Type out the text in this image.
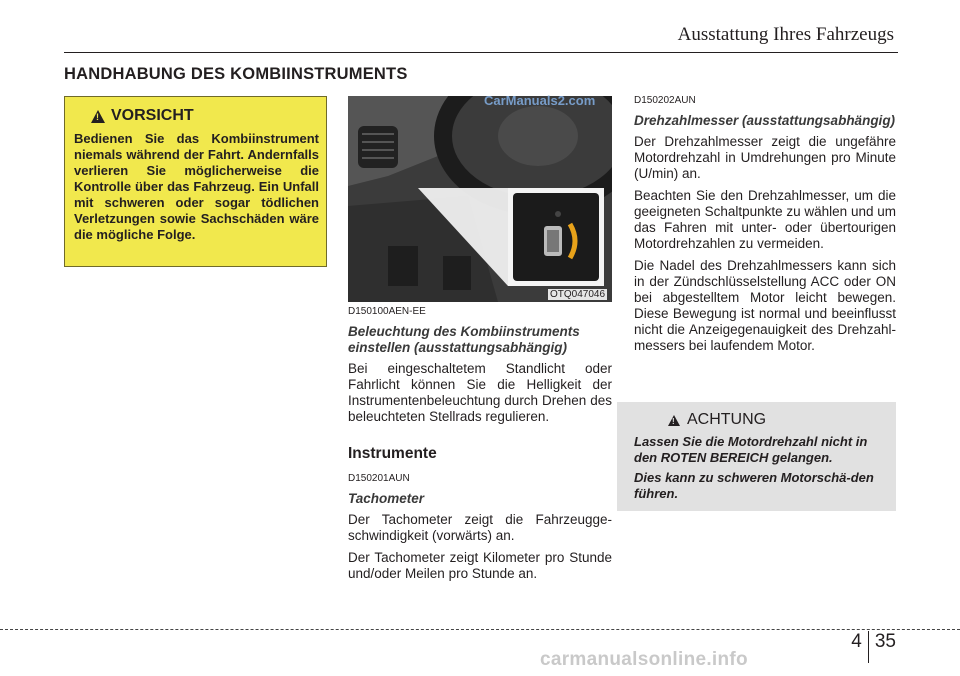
Ausstattung Ihres Fahrzeugs
HANDHABUNG DES KOMBIINSTRUMENTS
!
VORSICHT
Bedienen Sie das Kombiinstrument niemals während der Fahrt. Andernfalls verlieren Sie möglicherweise die Kontrolle über das Fahrzeug. Ein Unfall mit schweren oder sogar tödlichen Verletzungen sowie Sachschäden wäre die mögliche Folge.
CarManuals2.com
OTQ047046
D150100AEN-EE
Beleuchtung des Kombiinstruments einstellen (ausstattungsabhängig)
Bei eingeschaltetem Standlicht oder Fahrlicht können Sie die Helligkeit der Instrumentenbeleuchtung durch Drehen des beleuchteten Stellrads regulieren.
Instrumente
D150201AUN
Tachometer
Der Tachometer zeigt die Fahrzeugge-schwindigkeit (vorwärts) an.
Der Tachometer zeigt Kilometer pro Stunde und/oder Meilen pro Stunde an.
D150202AUN
Drehzahlmesser (ausstattungsabhängig)
Der Drehzahlmesser zeigt die ungefähre Motordrehzahl in Umdrehungen pro Minute (U/min) an.
Beachten Sie den Drehzahlmesser, um die geeigneten Schaltpunkte zu wählen und um das Fahren mit unter- oder übertourigen Motordrehzahlen zu vermeiden.
Die Nadel des Drehzahlmessers kann sich in der Zündschlüsselstellung ACC oder ON bei abgestelltem Motor leicht bewegen. Diese Bewegung ist normal und beeinflusst nicht die Anzeigegenauigkeit des Drehzahl-messers bei laufendem Motor.
!
ACHTUNG
Lassen Sie die Motordrehzahl nicht in den ROTEN BEREICH gelangen.
Dies kann zu schweren Motorschä-den führen.
4 35
carmanualsonline.info
